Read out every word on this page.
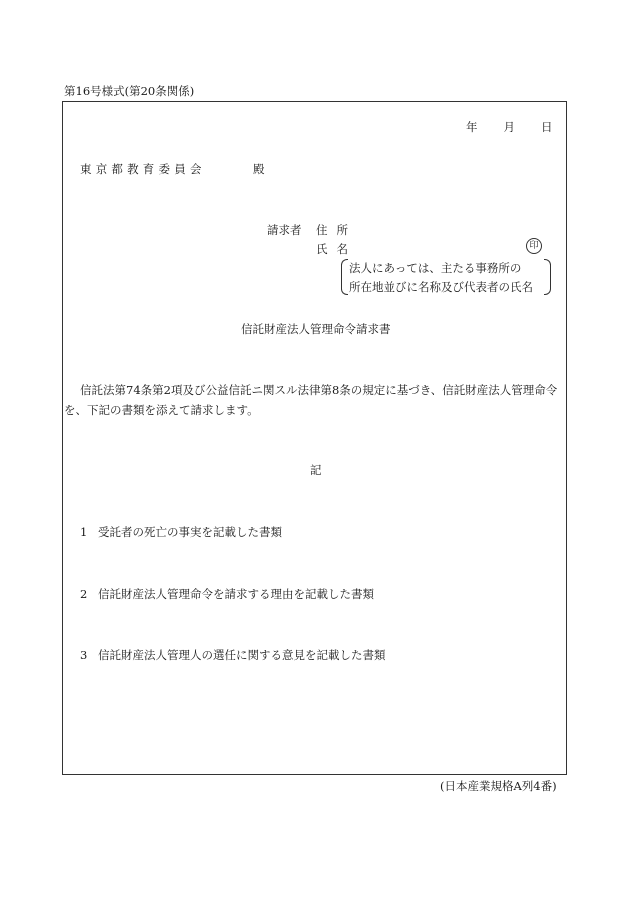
第16号様式(第20条関係)
年 月 日
東京都教育委員会	殿
請求者 住所
氏名	印
法人にあっては、主たる事務所の
所在地並びに名称及び代表者の氏名
信託財産法人管理命令請求書
信託法第74条第2項及び公益信託ニ関スル法律第8条の規定に基づき、信託財産法人管理命令
を、下記の書類を添えて請求します。
記
1 受託者の死亡の事実を記載した書類
2 信託財産法人管理命令を請求する理由を記載した書類
3 信託財産法人管理人の選任に関する意見を記載した書類
(日本産業規格A列4番)
